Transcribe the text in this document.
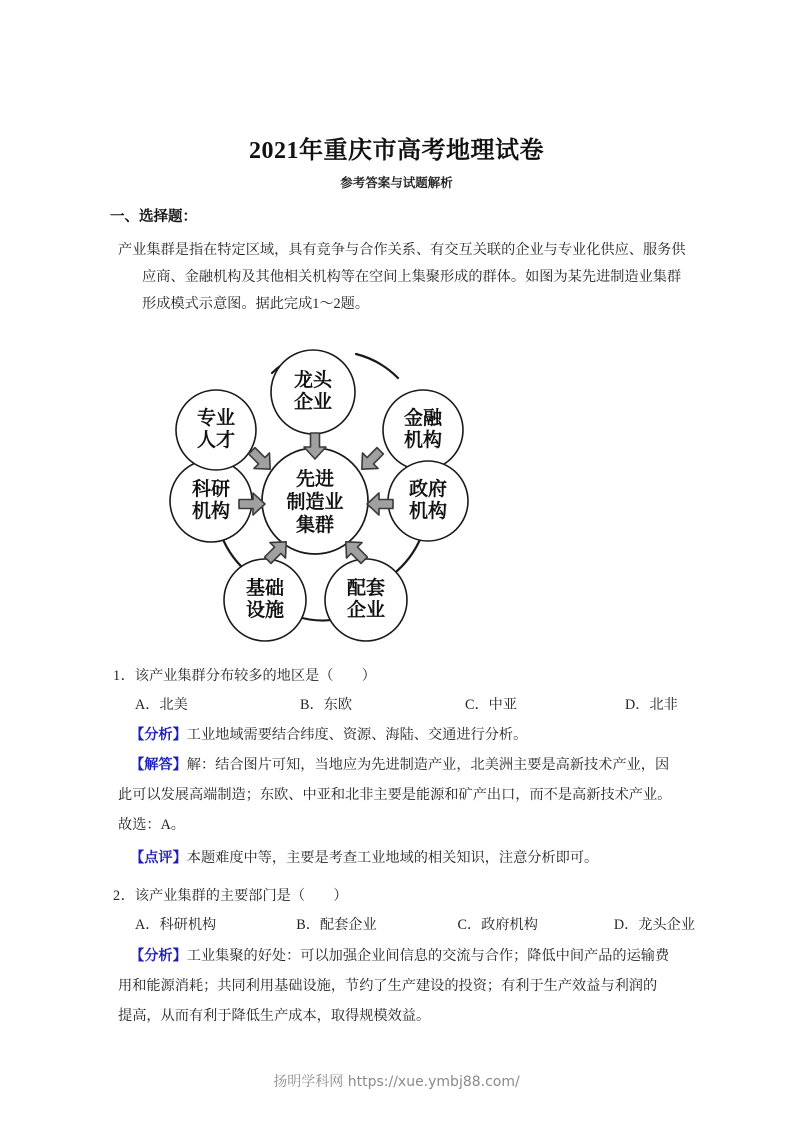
2021年重庆市高考地理试卷
参考答案与试题解析
一、选择题：
产业集群是指在特定区域，具有竞争与合作关系、有交互关联的企业与专业化供应、服务供
应商、金融机构及其他相关机构等在空间上集聚形成的群体。如图为某先进制造业集群
形成模式示意图。据此完成1～2题。
龙头
企业
金融
机构
政府
机构
配套
企业
基础
设施
科研
机构
专业
人才
先进
制造业
集群
1．该产业集群分布较多的地区是（　　）
A．北美	B．东欧	C．中亚	D．北非
【分析】工业地域需要结合纬度、资源、海陆、交通进行分析。
【解答】解：结合图片可知，当地应为先进制造产业，北美洲主要是高新技术产业，因
此可以发展高端制造；东欧、中亚和北非主要是能源和矿产出口，而不是高新技术产业。
故选：A。
【点评】本题难度中等，主要是考查工业地域的相关知识，注意分析即可。
2．该产业集群的主要部门是（　　）
A．科研机构	B．配套企业	C．政府机构	D．龙头企业
【分析】工业集聚的好处：可以加强企业间信息的交流与合作；降低中间产品的运输费
用和能源消耗；共同利用基础设施，节约了生产建设的投资；有利于生产效益与利润的
提高，从而有利于降低生产成本，取得规模效益。
扬明学科网 https://xue.ymbj88.com/
